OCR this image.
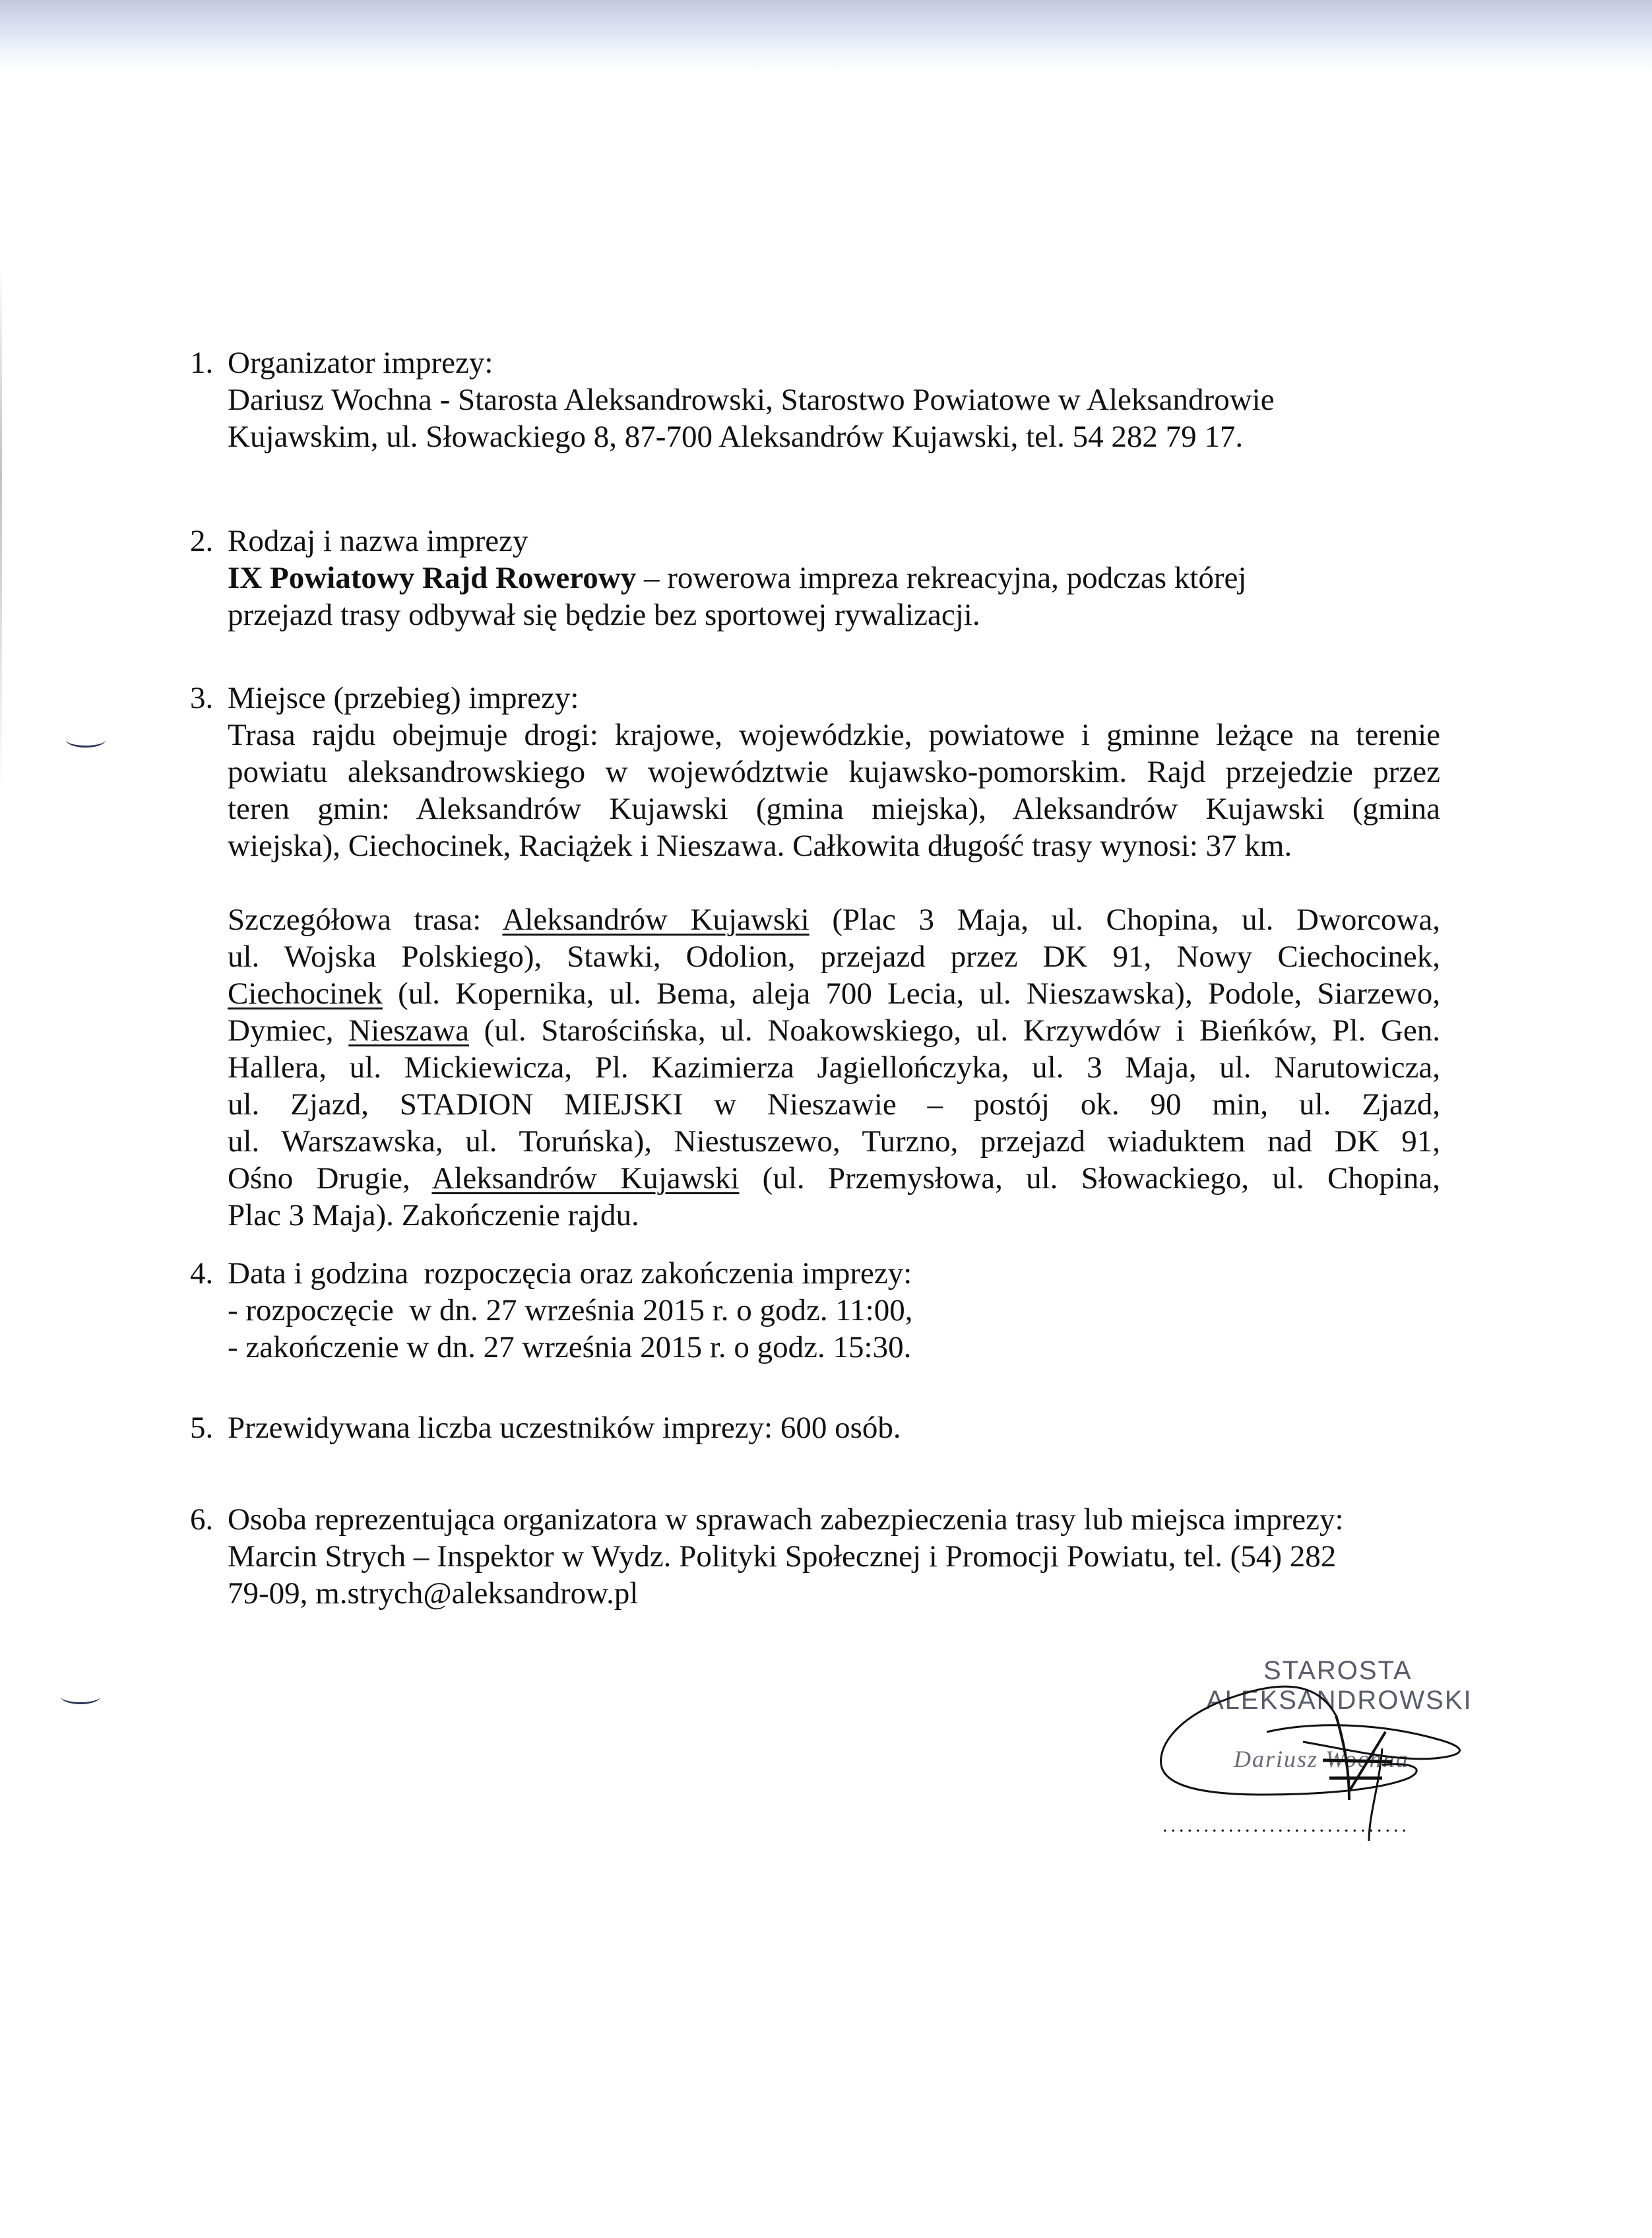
1. Organizator imprezy:
Dariusz Wochna - Starosta Aleksandrowski, Starostwo Powiatowe w Aleksandrowie
Kujawskim, ul. Słowackiego 8, 87-700 Aleksandrów Kujawski, tel. 54 282 79 17.
2. Rodzaj i nazwa imprezy
IX Powiatowy Rajd Rowerowy – rowerowa impreza rekreacyjna, podczas której
przejazd trasy odbywał się będzie bez sportowej rywalizacji.
3. Miejsce (przebieg) imprezy:
Trasa rajdu obejmuje drogi: krajowe, wojewódzkie, powiatowe i gminne leżące na terenie
powiatu aleksandrowskiego w województwie kujawsko-pomorskim. Rajd przejedzie przez
teren gmin: Aleksandrów Kujawski (gmina miejska), Aleksandrów Kujawski (gmina
wiejska), Ciechocinek, Raciążek i Nieszawa. Całkowita długość trasy wynosi: 37 km.
Szczegółowa trasa: Aleksandrów Kujawski (Plac 3 Maja, ul. Chopina, ul. Dworcowa,
ul. Wojska Polskiego), Stawki, Odolion, przejazd przez DK 91, Nowy Ciechocinek,
Ciechocinek (ul. Kopernika, ul. Bema, aleja 700 Lecia, ul. Nieszawska), Podole, Siarzewo,
Dymiec, Nieszawa (ul. Starościńska, ul. Noakowskiego, ul. Krzywdów i Bieńków, Pl. Gen.
Hallera, ul. Mickiewicza, Pl. Kazimierza Jagiellończyka, ul. 3 Maja, ul. Narutowicza,
ul. Zjazd, STADION MIEJSKI w Nieszawie – postój ok. 90 min, ul. Zjazd,
ul. Warszawska, ul. Toruńska), Niestuszewo, Turzno, przejazd wiaduktem nad DK 91,
Ośno Drugie, Aleksandrów Kujawski (ul. Przemysłowa, ul. Słowackiego, ul. Chopina,
Plac 3 Maja). Zakończenie rajdu.
4. Data i godzina  rozpoczęcia oraz zakończenia imprezy:
- rozpoczęcie  w dn. 27 września 2015 r. o godz. 11:00,
- zakończenie w dn. 27 września 2015 r. o godz. 15:30.
5. Przewidywana liczba uczestników imprezy: 600 osób.
6. Osoba reprezentująca organizatora w sprawach zabezpieczenia trasy lub miejsca imprezy:
Marcin Strych – Inspektor w Wydz. Polityki Społecznej i Promocji Powiatu, tel. (54) 282
79-09, m.strych@aleksandrow.pl
STAROSTA
ALEKSANDROWSKI
Dariusz Wochna
..............................
